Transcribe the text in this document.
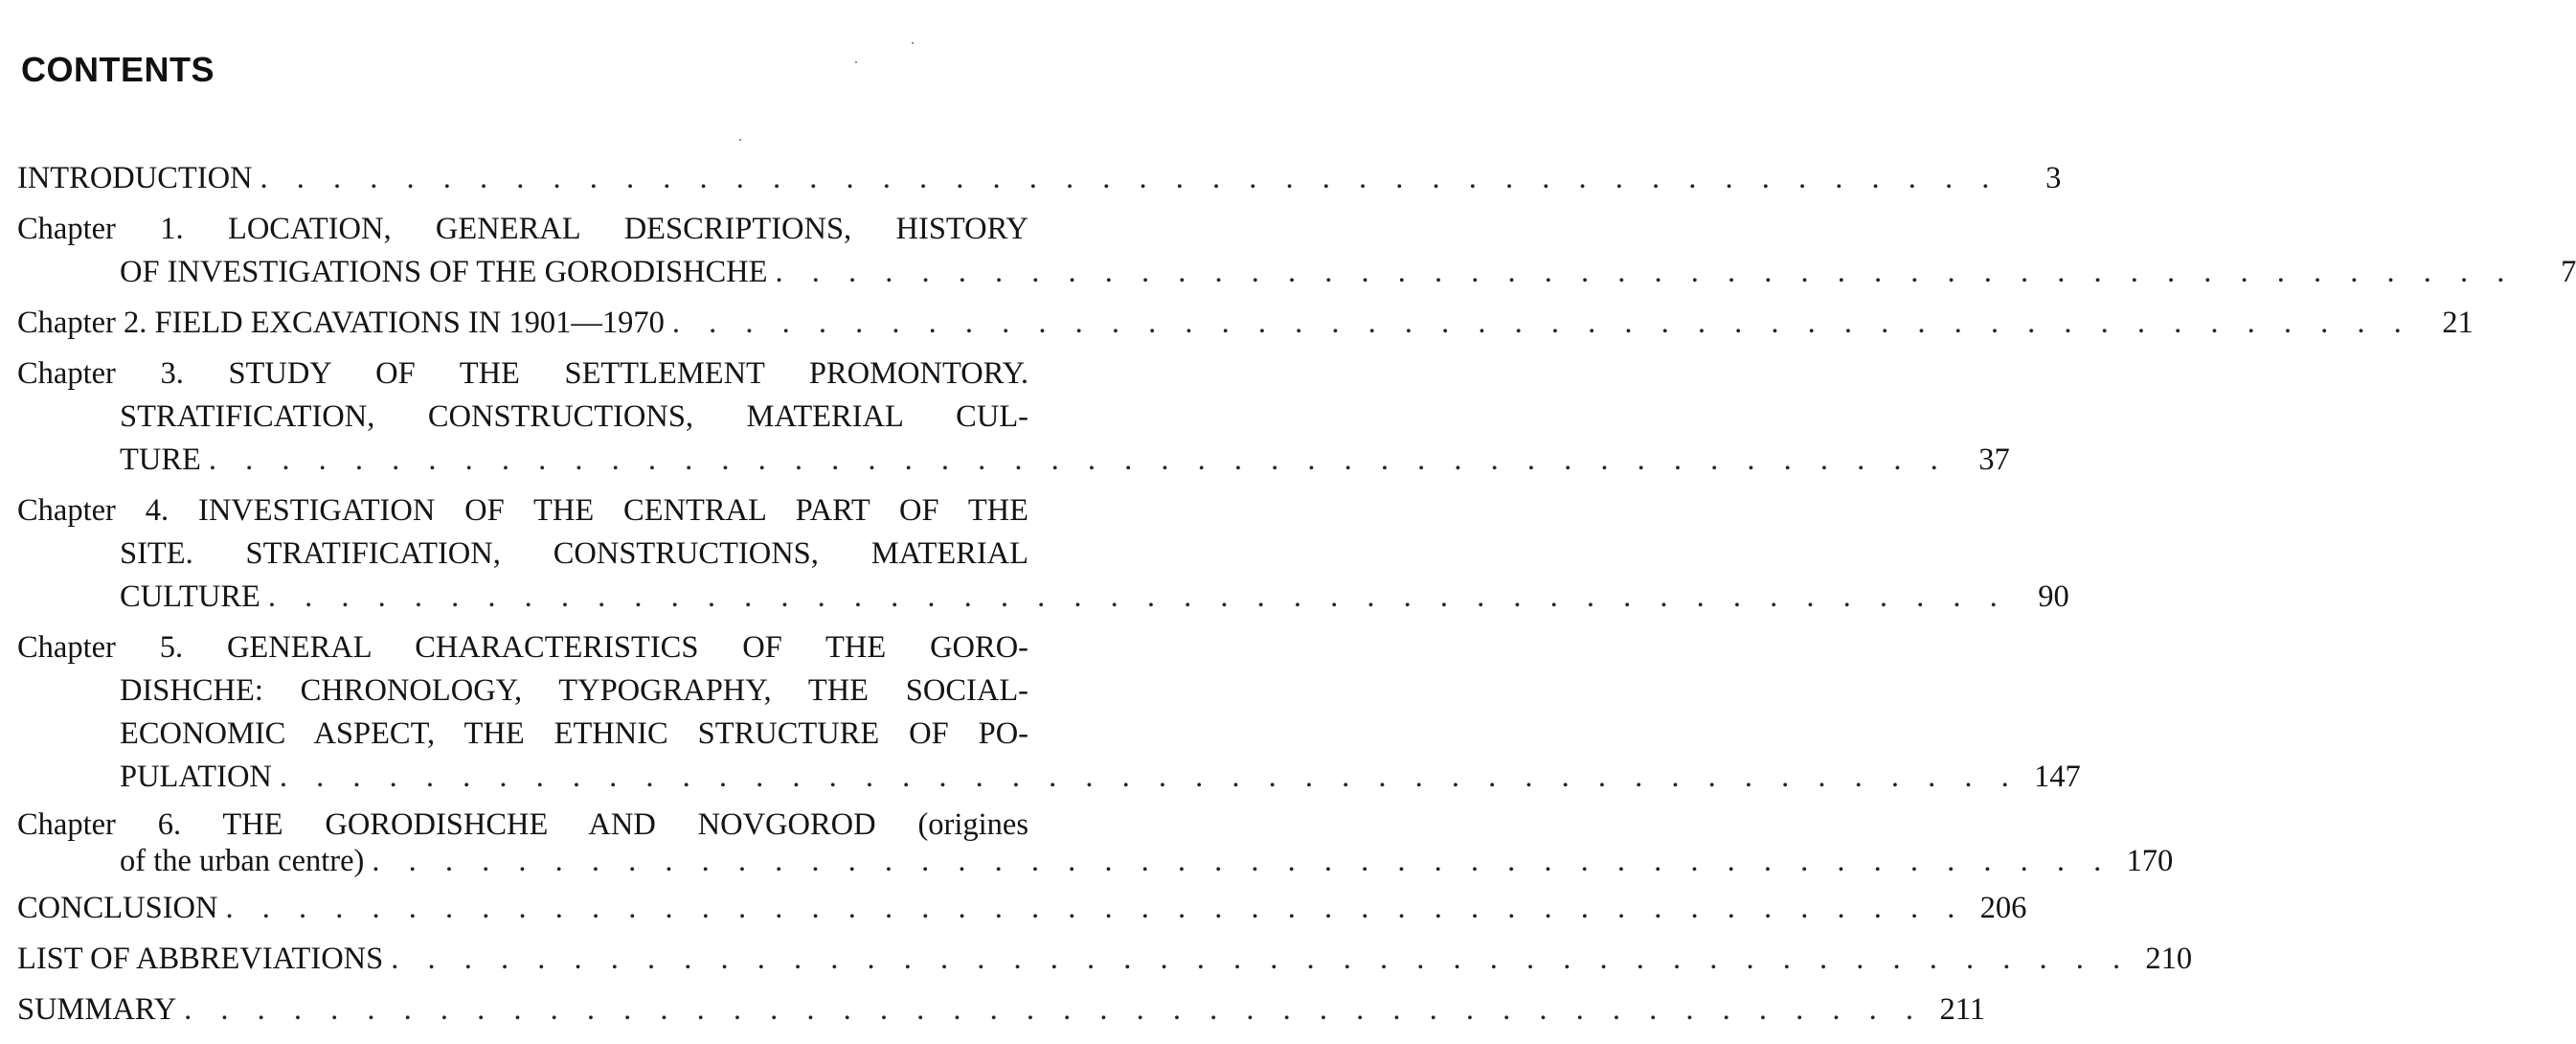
CONTENTS
INTRODUCTION . . . . . . . . . . . . . . . . . . . . . . . . . . . . . . . . . . . . . . . . . . . . . . . .	3
Chapter 1. LOCATION, GENERAL DESCRIPTIONS, HISTORY
OF INVESTIGATIONS OF THE GORODISHCHE . . . . . . . . . . . . . . . . . . . . . . . . . . . . . . . . . . . . . . . . . . . . . . . .	7
Chapter 2. FIELD EXCAVATIONS IN 1901—1970 . . . . . . . . . . . . . . . . . . . . . . . . . . . . . . . . . . . . . . . . . . . . . . . . 21
Chapter 3. STUDY OF THE SETTLEMENT PROMONTORY.
STRATIFICATION, CONSTRUCTIONS, MATERIAL CUL-
TURE . . . . . . . . . . . . . . . . . . . . . . . . . . . . . . . . . . . . . . . . . . . . . . . . 37
Chapter 4. INVESTIGATION OF THE CENTRAL PART OF THE
SITE. STRATIFICATION, CONSTRUCTIONS, MATERIAL
CULTURE . . . . . . . . . . . . . . . . . . . . . . . . . . . . . . . . . . . . . . . . . . . . . . . . 90
Chapter 5. GENERAL CHARACTERISTICS OF THE GORO-
DISHCHE: CHRONOLOGY, TYPOGRAPHY, THE SOCIAL-
ECONOMIC ASPECT, THE ETHNIC STRUCTURE OF PO-
PULATION . . . . . . . . . . . . . . . . . . . . . . . . . . . . . . . . . . . . . . . . . . . . . . . . 147
Chapter 6. THE GORODISHCHE AND NOVGOROD (origines
of the urban centre) . . . . . . . . . . . . . . . . . . . . . . . . . . . . . . . . . . . . . . . . . . . . . . . . 170
CONCLUSION . . . . . . . . . . . . . . . . . . . . . . . . . . . . . . . . . . . . . . . . . . . . . . . . 206
LIST OF ABBREVIATIONS . . . . . . . . . . . . . . . . . . . . . . . . . . . . . . . . . . . . . . . . . . . . . . . . 210
SUMMARY . . . . . . . . . . . . . . . . . . . . . . . . . . . . . . . . . . . . . . . . . . . . . . . . 211
